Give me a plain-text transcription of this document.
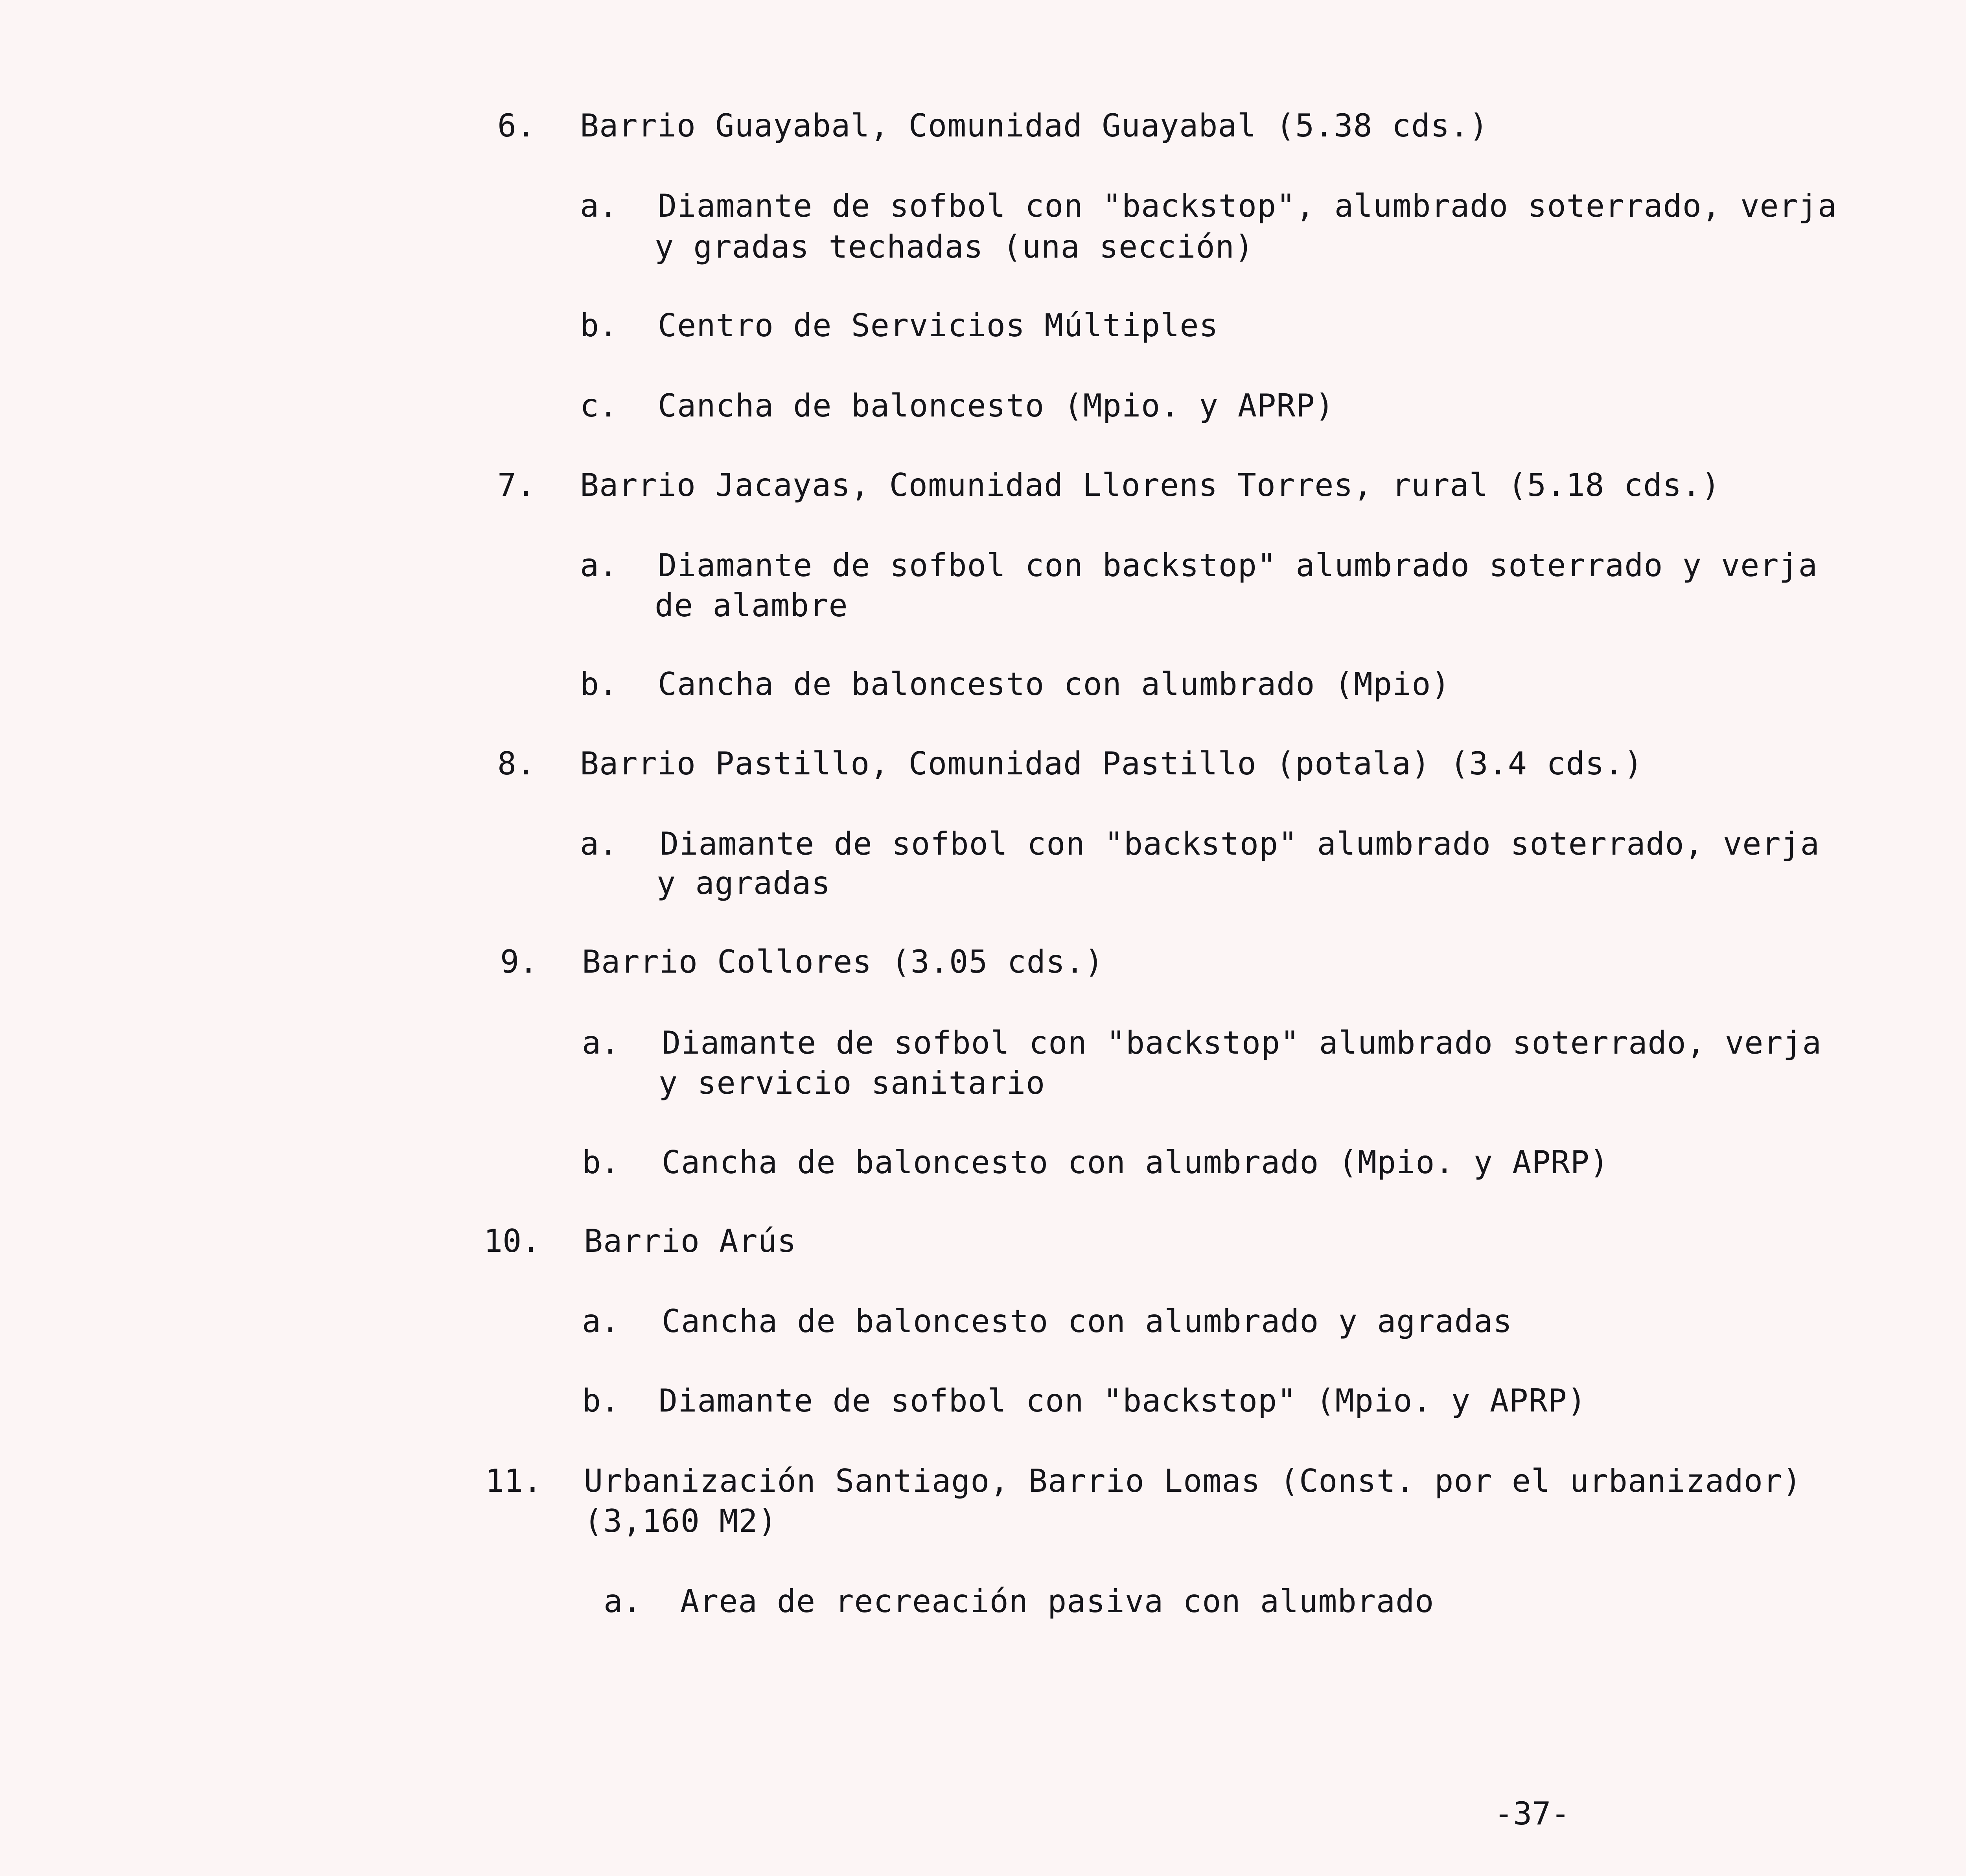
6. Barrio Guayabal, Comunidad Guayabal (5.38 cds.)
a. Diamante de sofbol con "backstop", alumbrado soterrado, verja
y gradas techadas (una sección)
b. Centro de Servicios Múltiples
c. Cancha de baloncesto (Mpio. y APRP)
7. Barrio Jacayas, Comunidad Llorens Torres, rural (5.18 cds.)
a. Diamante de sofbol con backstop" alumbrado soterrado y verja
de alambre
b. Cancha de baloncesto con alumbrado (Mpio)
8. Barrio Pastillo, Comunidad Pastillo (potala) (3.4 cds.)
a. Diamante de sofbol con "backstop" alumbrado soterrado, verja
y agradas
9. Barrio Collores (3.05 cds.)
a. Diamante de sofbol con "backstop" alumbrado soterrado, verja
y servicio sanitario
b. Cancha de baloncesto con alumbrado (Mpio. y APRP)
10. Barrio Arús
a. Cancha de baloncesto con alumbrado y agradas
b. Diamante de sofbol con "backstop" (Mpio. y APRP)
11. Urbanización Santiago, Barrio Lomas (Const. por el urbanizador)
(3,160 M2)
a. Area de recreación pasiva con alumbrado
-37-
